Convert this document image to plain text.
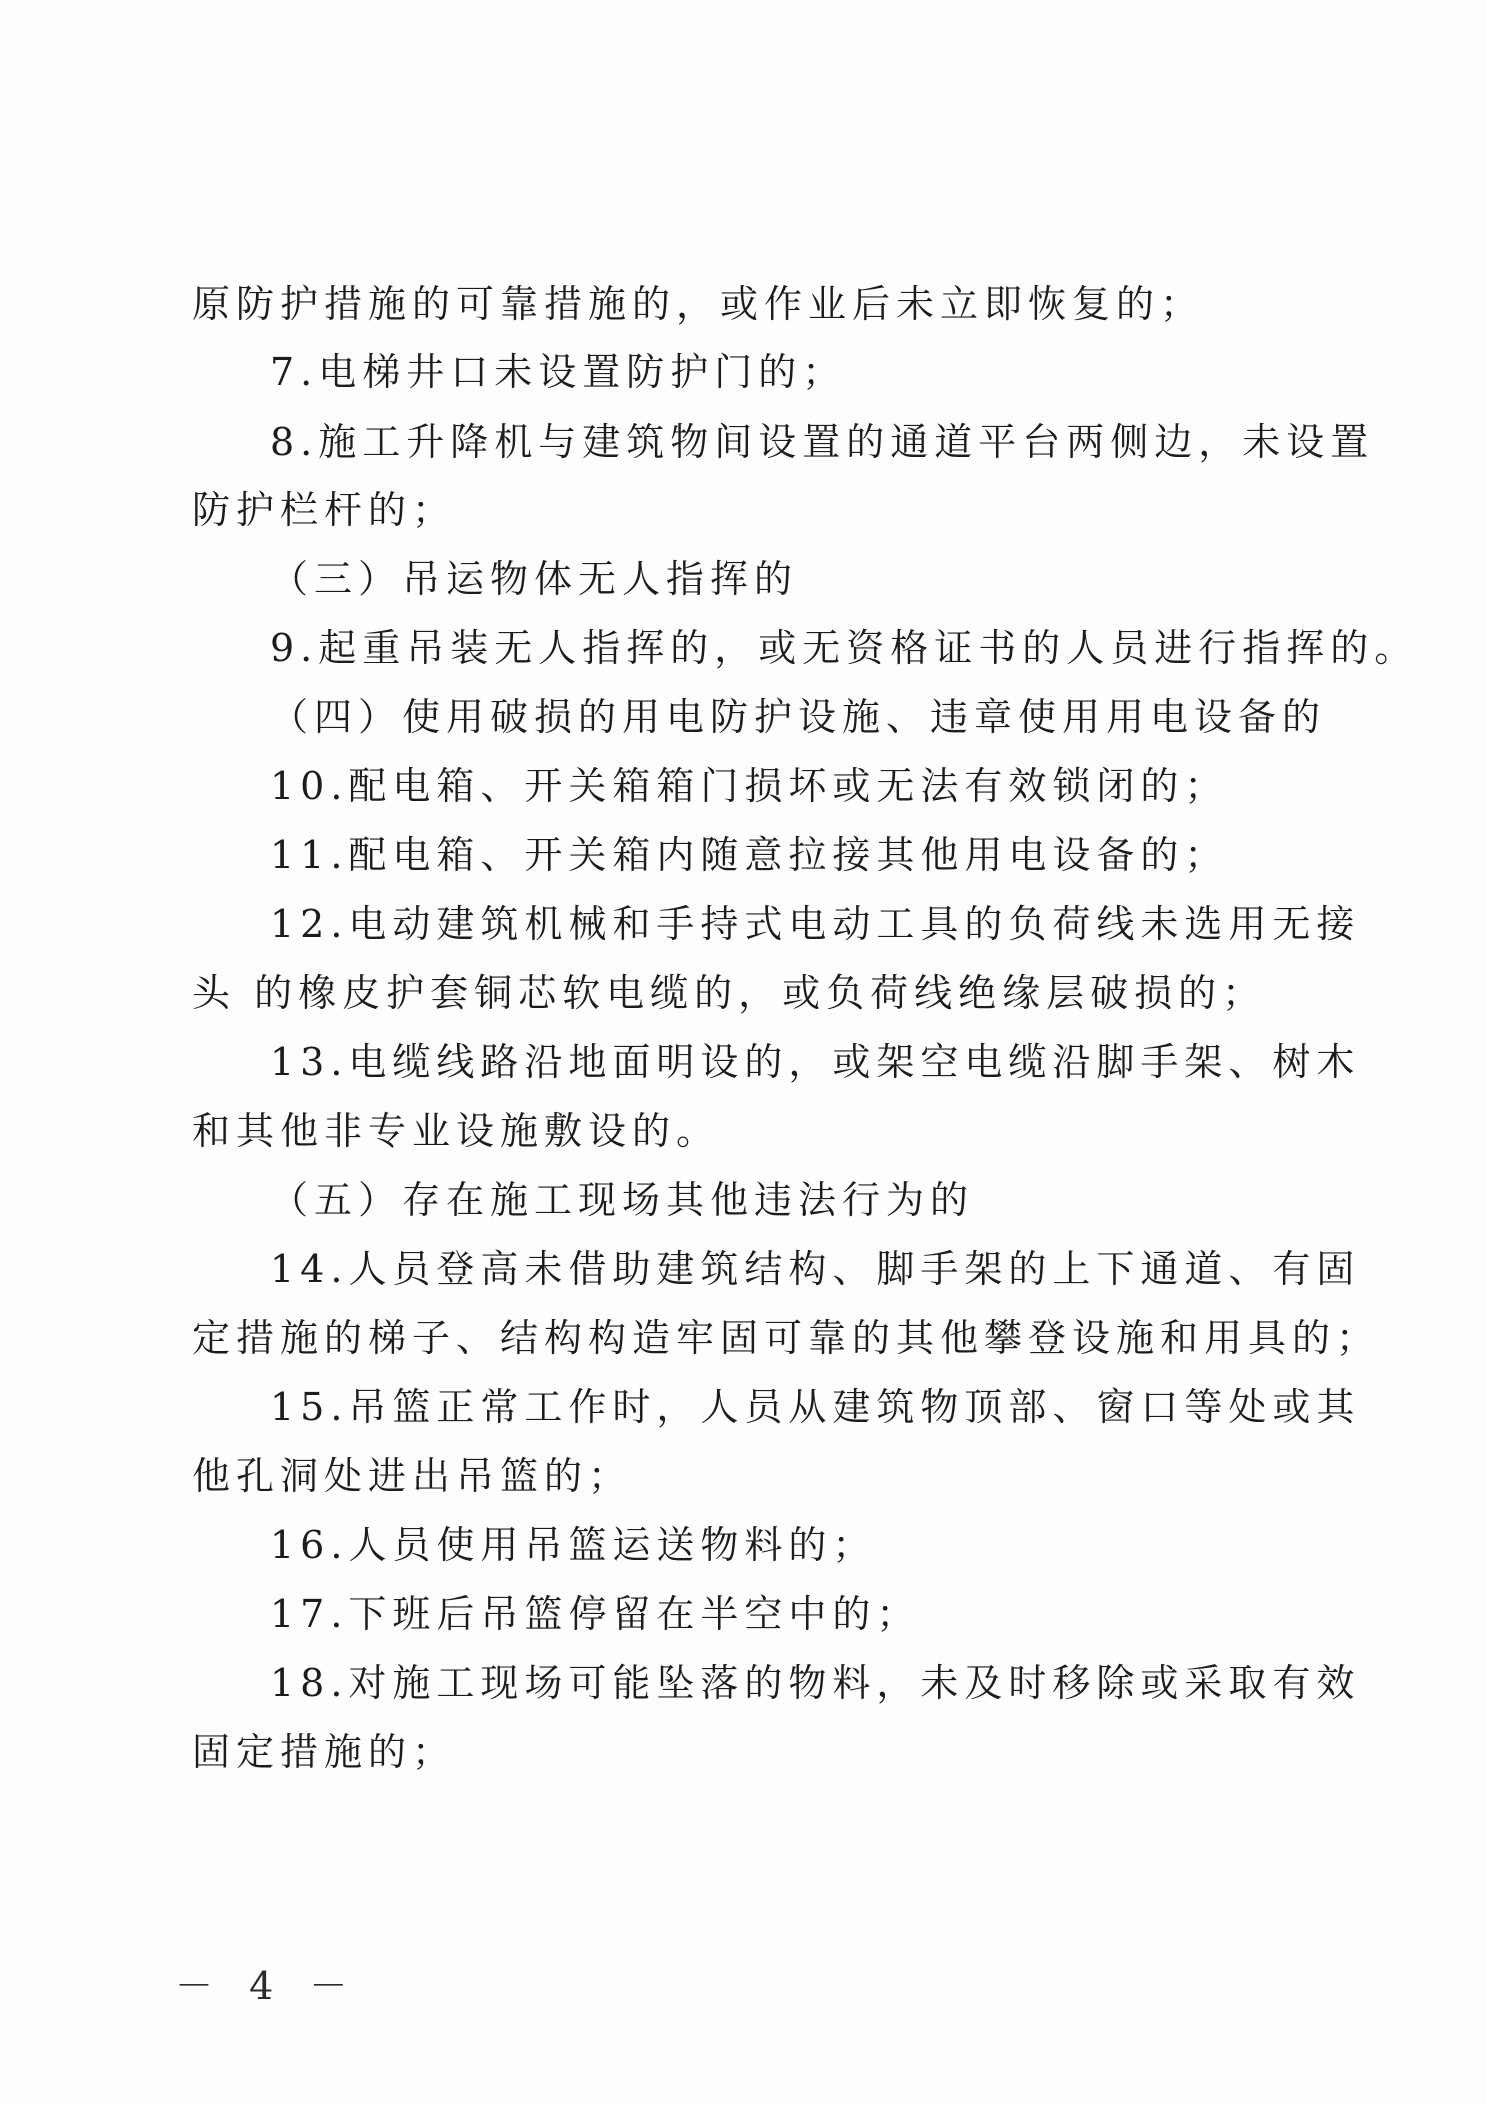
原防护措施的可靠措施的，或作业后未立即恢复的；
7.电梯井口未设置防护门的；
8.施工升降机与建筑物间设置的通道平台两侧边，未设置
防护栏杆的；
（三）吊运物体无人指挥的
9.起重吊装无人指挥的，或无资格证书的人员进行指挥的。
（四）使用破损的用电防护设施、违章使用用电设备的
10.配电箱、开关箱箱门损坏或无法有效锁闭的；
11.配电箱、开关箱内随意拉接其他用电设备的；
12.电动建筑机械和手持式电动工具的负荷线未选用无接
头 的橡皮护套铜芯软电缆的，或负荷线绝缘层破损的；
13.电缆线路沿地面明设的，或架空电缆沿脚手架、树木
和其他非专业设施敷设的。
（五）存在施工现场其他违法行为的
14.人员登高未借助建筑结构、脚手架的上下通道、有固
定措施的梯子、结构构造牢固可靠的其他攀登设施和用具的；
15.吊篮正常工作时，人员从建筑物顶部、窗口等处或其
他孔洞处进出吊篮的；
16.人员使用吊篮运送物料的；
17.下班后吊篮停留在半空中的；
18.对施工现场可能坠落的物料，未及时移除或采取有效
固定措施的；
－ 4 －
